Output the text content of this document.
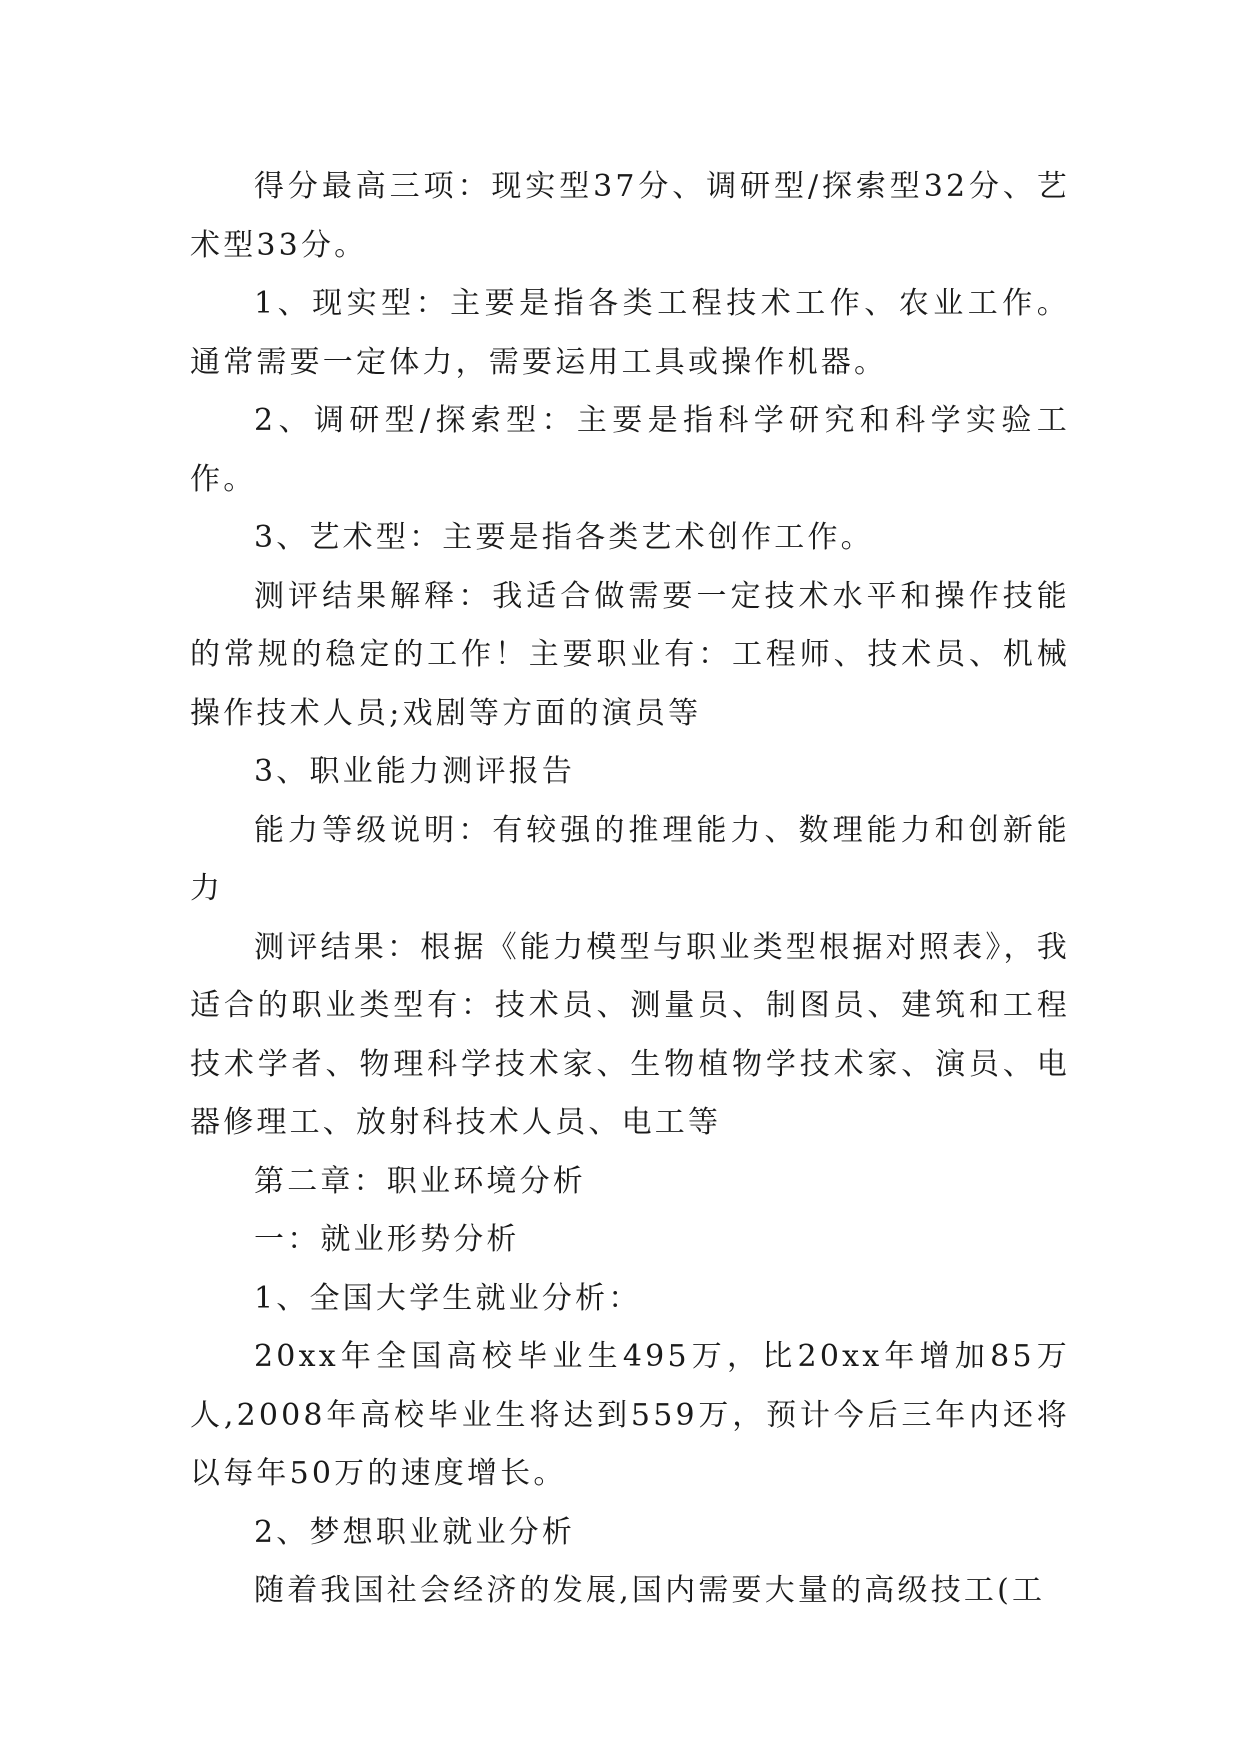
得分最高三项：现实型37分、调研型/探索型32分、艺术型33分。

1、现实型：主要是指各类工程技术工作、农业工作。通常需要一定体力，需要运用工具或操作机器。

2、调研型/探索型：主要是指科学研究和科学实验工作。

3、艺术型：主要是指各类艺术创作工作。

测评结果解释：我适合做需要一定技术水平和操作技能的常规的稳定的工作！主要职业有：工程师、技术员、机械操作技术人员;戏剧等方面的演员等

3、职业能力测评报告

能力等级说明：有较强的推理能力、数理能力和创新能力

测评结果：根据《能力模型与职业类型根据对照表》，我适合的职业类型有：技术员、测量员、制图员、建筑和工程技术学者、物理科学技术家、生物植物学技术家、演员、电器修理工、放射科技术人员、电工等

第二章：职业环境分析

一：就业形势分析

1、全国大学生就业分析：

20xx年全国高校毕业生495万，比20xx年增加85万人,2008年高校毕业生将达到559万，预计今后三年内还将以每年50万的速度增长。

2、梦想职业就业分析

随着我国社会经济的发展,国内需要大量的高级技工(工
